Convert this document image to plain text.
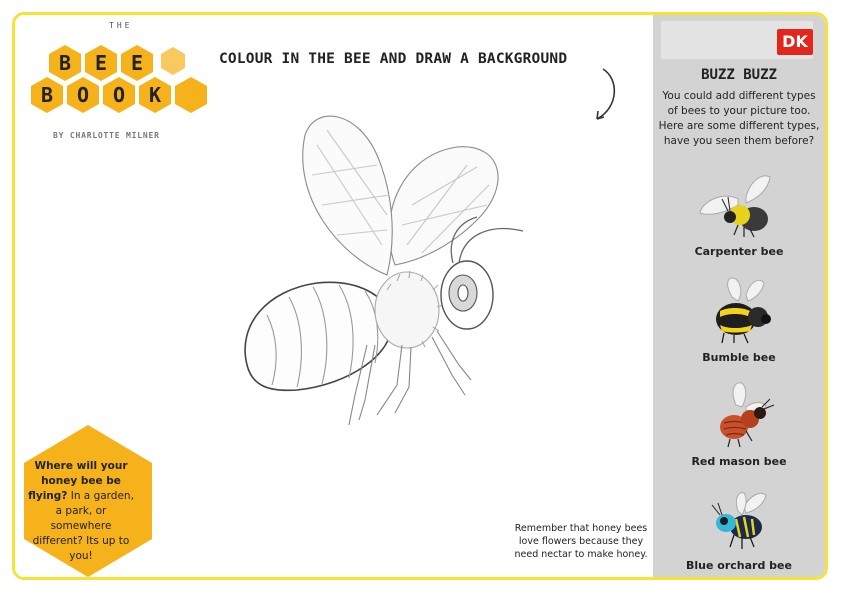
THE
B E E
B O O K
BY CHARLOTTE MILNER
COLOUR IN THE BEE AND DRAW A BACKGROUND
Where will your honey bee be flying? In a garden, a park, or somewhere different? Its up to you!
Remember that honey bees love flowers because they need nectar to make honey.
DK
BUZZ BUZZ
You could add different types of bees to your picture too. Here are some different types, have you seen them before?
Carpenter bee
Bumble bee
Red mason bee
Blue orchard bee
